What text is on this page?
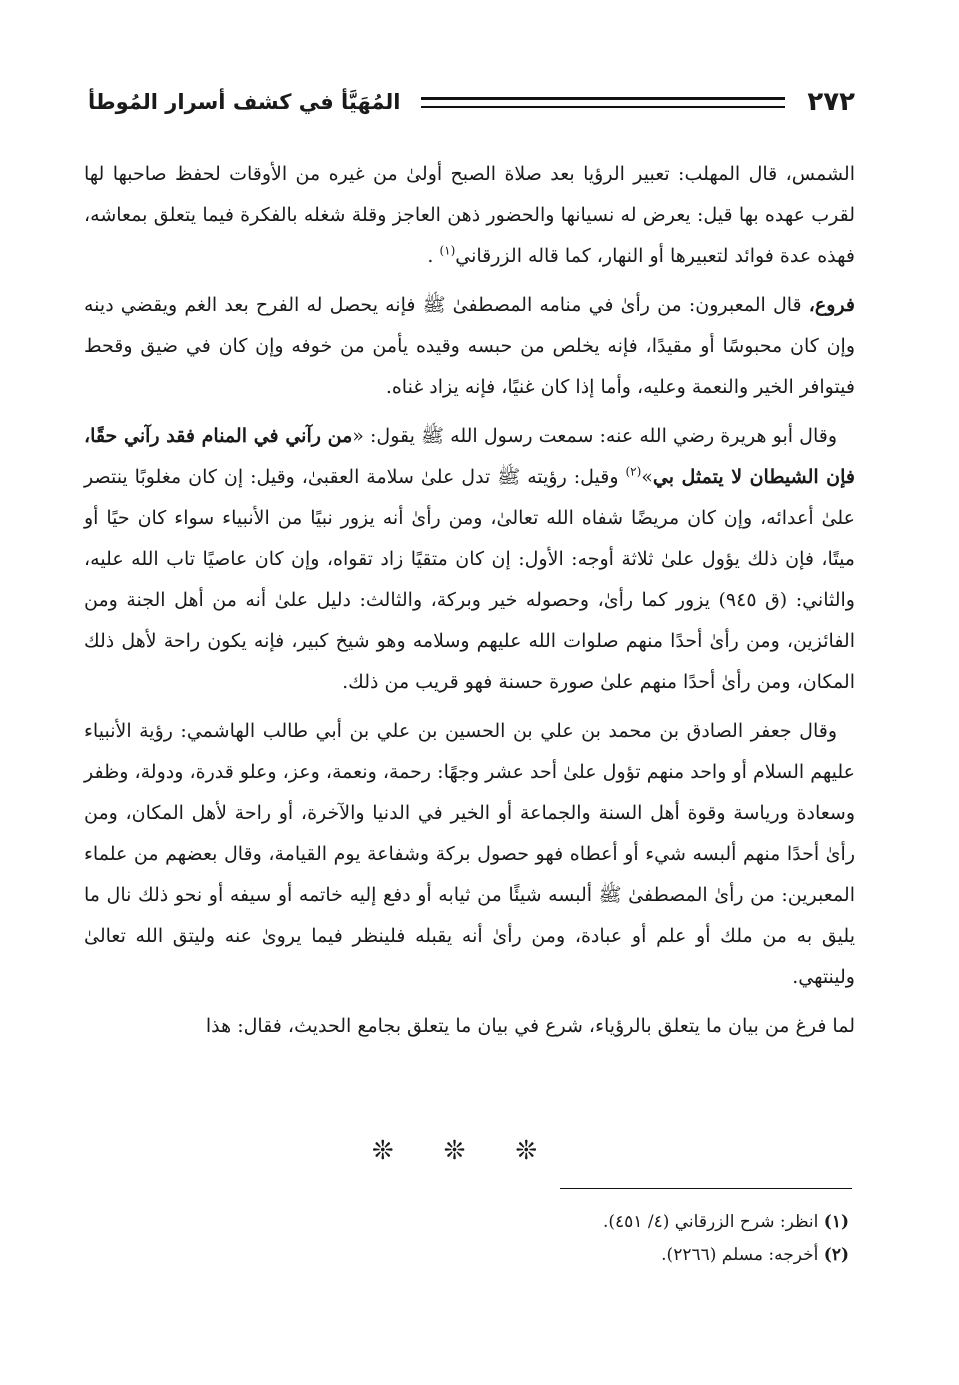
٢٧٢
المُهَيَّأ في كشف أسرار المُوطأ

الشمس، قال المهلب: تعبير الرؤيا بعد صلاة الصبح أولىٰ من غيره من الأوقات لحفظ صاحبها لها لقرب عهده بها قيل: يعرض له نسيانها والحضور ذهن العاجز وقلة شغله بالفكرة فيما يتعلق بمعاشه، فهذه عدة فوائد لتعبيرها أو النهار، كما قاله الزرقاني$^{(١)}$ .

فروع، قال المعبرون: من رأىٰ في منامه المصطفىٰ ﷺ فإنه يحصل له الفرح بعد الغم ويقضي دينه وإن كان محبوسًا أو مقيدًا، فإنه يخلص من حبسه وقيده يأمن من خوفه وإن كان في ضيق وقحط فيتوافر الخير والنعمة وعليه، وأما إذا كان غنيًا، فإنه يزاد غناه.

وقال أبو هريرة رضي الله عنه: سمعت رسول الله ﷺ يقول: «من رآني في المنام فقد رآني حقًا، فإن الشيطان لا يتمثل بي»$^{(٢)}$ وقيل: رؤيته ﷺ تدل علىٰ سلامة العقبىٰ، وقيل: إن كان مغلوبًا ينتصر علىٰ أعدائه، وإن كان مريضًا شفاه الله تعالىٰ، ومن رأىٰ أنه يزور نبيًا من الأنبياء سواء كان حيًا أو ميتًا، فإن ذلك يؤول علىٰ ثلاثة أوجه: الأول: إن كان متقيًا زاد تقواه، وإن كان عاصيًا تاب الله عليه، والثاني: (ق ٩٤٥) يزور كما رأىٰ، وحصوله خير وبركة، والثالث: دليل علىٰ أنه من أهل الجنة ومن الفائزين، ومن رأىٰ أحدًا منهم صلوات الله عليهم وسلامه وهو شيخ كبير، فإنه يكون راحة لأهل ذلك المكان، ومن رأىٰ أحدًا منهم علىٰ صورة حسنة فهو قريب من ذلك.

وقال جعفر الصادق بن محمد بن علي بن الحسين بن علي بن أبي طالب الهاشمي: رؤية الأنبياء عليهم السلام أو واحد منهم تؤول علىٰ أحد عشر وجهًا: رحمة، ونعمة، وعز، وعلو قدرة، ودولة، وظفر وسعادة ورياسة وقوة أهل السنة والجماعة أو الخير في الدنيا والآخرة، أو راحة لأهل المكان، ومن رأىٰ أحدًا منهم ألبسه شيء أو أعطاه فهو حصول بركة وشفاعة يوم القيامة، وقال بعضهم من علماء المعبرين: من رأىٰ المصطفىٰ ﷺ ألبسه شيئًا من ثيابه أو دفع إليه خاتمه أو سيفه أو نحو ذلك نال ما يليق به من ملك أو علم أو عبادة، ومن رأىٰ أنه يقبله فلينظر فيما يروىٰ عنه وليتق الله تعالىٰ ولينتهي.

لما فرغ من بيان ما يتعلق بالرؤياء، شرع في بيان ما يتعلق بجامع الحديث، فقال: هذا

❊❊❊

(١) انظر: شرح الزرقاني (٤/ ٤٥١).

(٢) أخرجه: مسلم (٢٢٦٦).
